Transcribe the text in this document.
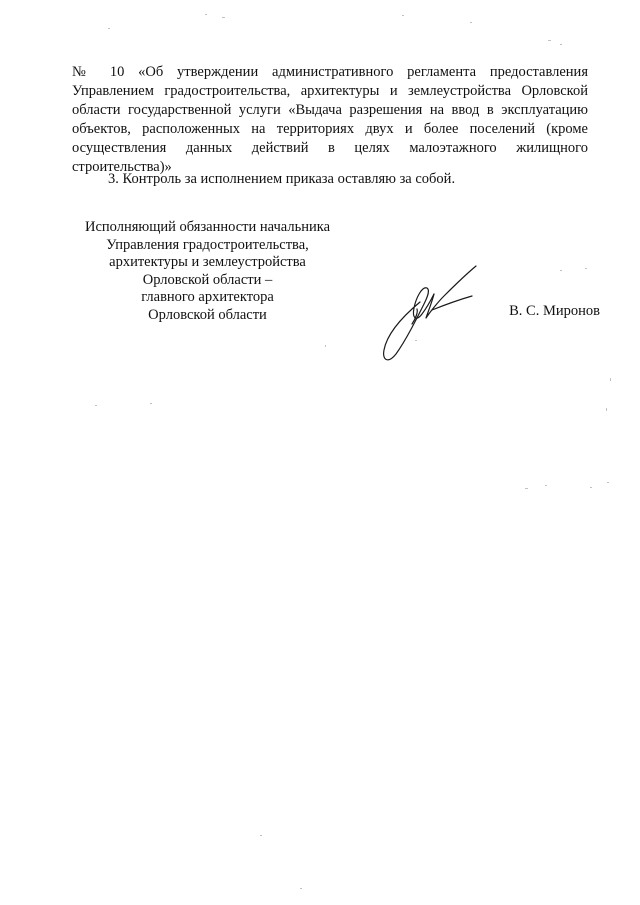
№ 10 «Об утверждении административного регламента предоставления Управлением градостроительства, архитектуры и землеустройства Орловской области государственной услуги «Выдача разрешения на ввод в эксплуатацию объектов, расположенных на территориях двух и более поселений (кроме осуществления данных действий в целях малоэтажного жилищного строительства)»
3. Контроль за исполнением приказа оставляю за собой.
Исполняющий обязанности начальника
Управления градостроительства,
архитектуры и землеустройства
Орловской области –
главного архитектора
Орловской области	В. С. Миронов
